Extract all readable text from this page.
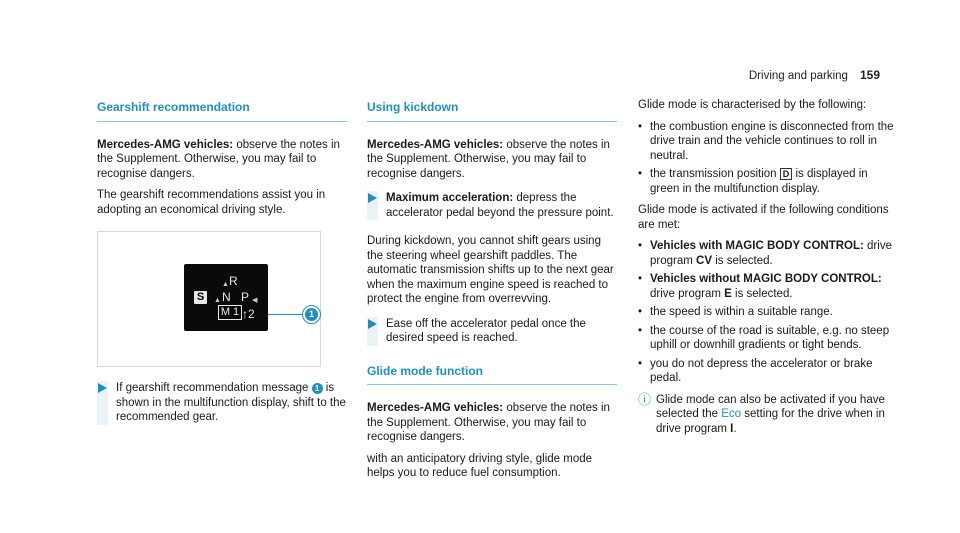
Driving and parking 159
Gearshift recommendation

Mercedes-AMG vehicles: observe the notes in the Supplement. Otherwise, you may fail to recognise dangers.

The gearshift recommendations assist you in adopting an economical driving style.

▲ R
S	▲ N P ◀
M 1 ↑2	1
If gearshift recommendation message 1 is shown in the multifunction display, shift to the recommended gear.
Using kickdown

Mercedes-AMG vehicles: observe the notes in the Supplement. Otherwise, you may fail to recognise dangers.

Maximum acceleration: depress the accelerator pedal beyond the pressure point.

During kickdown, you cannot shift gears using the steering wheel gearshift paddles. The automatic transmission shifts up to the next gear when the maximum engine speed is reached to protect the engine from overrevving.

Ease off the accelerator pedal once the desired speed is reached.
Glide mode function

Mercedes-AMG vehicles: observe the notes in the Supplement. Otherwise, you may fail to recognise dangers.

with an anticipatory driving style, glide mode helps you to reduce fuel consumption.

Glide mode is characterised by the following:

• the combustion engine is disconnected from the drive train and the vehicle continues to roll in neutral.
• the transmission position D is displayed in green in the multifunction display.

Glide mode is activated if the following conditions are met:

• Vehicles with MAGIC BODY CONTROL: drive program CV is selected.
• Vehicles without MAGIC BODY CONTROL: drive program E is selected.
• the speed is within a suitable range.
• the course of the road is suitable, e.g. no steep uphill or downhill gradients or tight bends.
• you do not depress the accelerator or brake pedal.
ⓘ Glide mode can also be activated if you have selected the Eco setting for the drive when in drive program I.
